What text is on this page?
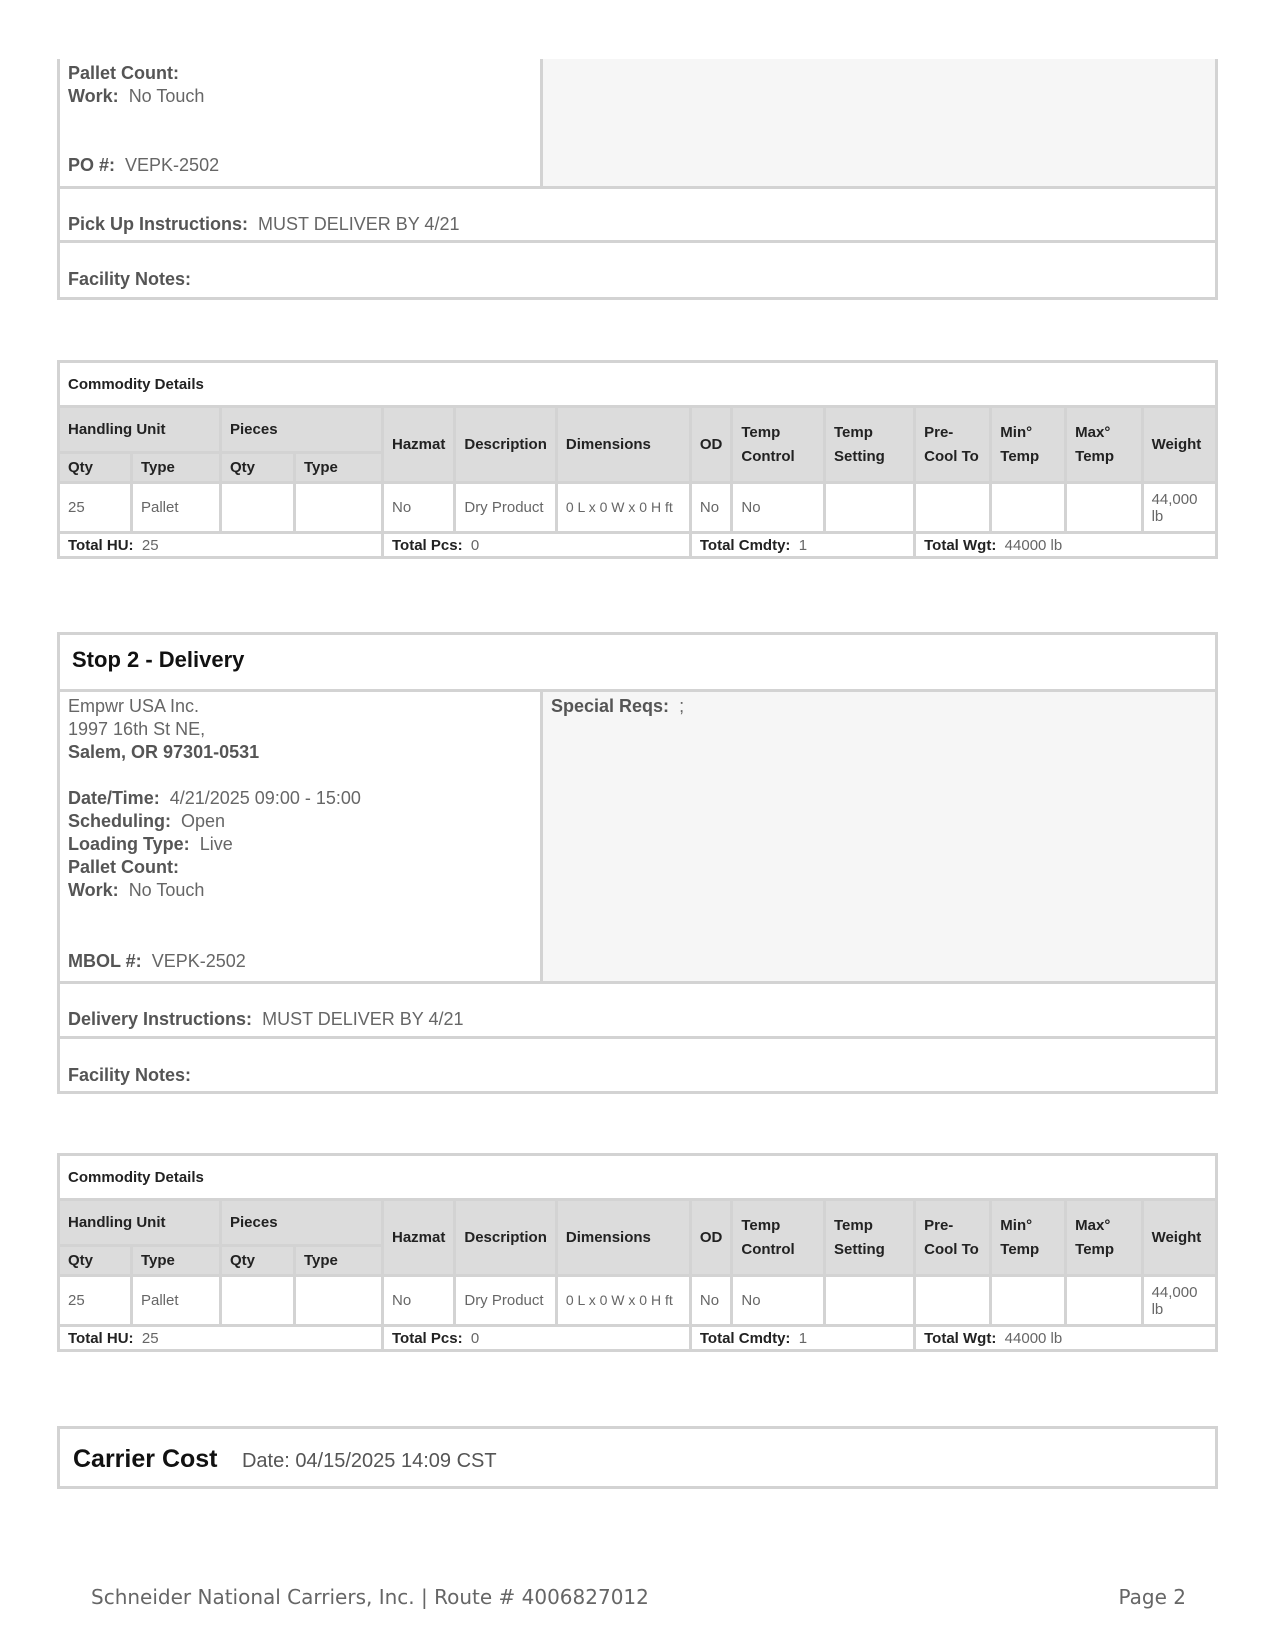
Pallet Count:
Work: No Touch
PO #: VEPK-2502
Pick Up Instructions: MUST DELIVER BY 4/21
Facility Notes:
Commodity Details													
Handling Unit		Pieces		Hazmat	Description	Dimensions	OD	Temp Control	Temp Setting	Pre-Cool To	Min° Temp	Max° Temp	Weight
Qty	Type	Qty	Type										
25	Pallet			No	Dry Product	0 L x 0 W x 0 H ft	No	No					44,000 lb
Total HU: 25				Total Pcs: 0			Total Cmdty: 1			Total Wgt: 44000 lb			
Stop 2 - Delivery
Empwr USA Inc.
1997 16th St NE,
Salem, OR 97301-0531
Date/Time: 4/21/2025 09:00 - 15:00
Scheduling: Open
Loading Type: Live
Pallet Count:
Work: No Touch
MBOL #: VEPK-2502
Special Reqs: ;
Delivery Instructions: MUST DELIVER BY 4/21
Facility Notes:
Commodity Details													
Handling Unit		Pieces		Hazmat	Description	Dimensions	OD	Temp Control	Temp Setting	Pre-Cool To	Min° Temp	Max° Temp	Weight
Qty	Type	Qty	Type										
25	Pallet			No	Dry Product	0 L x 0 W x 0 H ft	No	No					44,000 lb
Total HU: 25				Total Pcs: 0			Total Cmdty: 1			Total Wgt: 44000 lb			
Carrier Cost Date: 04/15/2025 14:09 CST
Schneider National Carriers, Inc. | Route # 4006827012	Page 2
